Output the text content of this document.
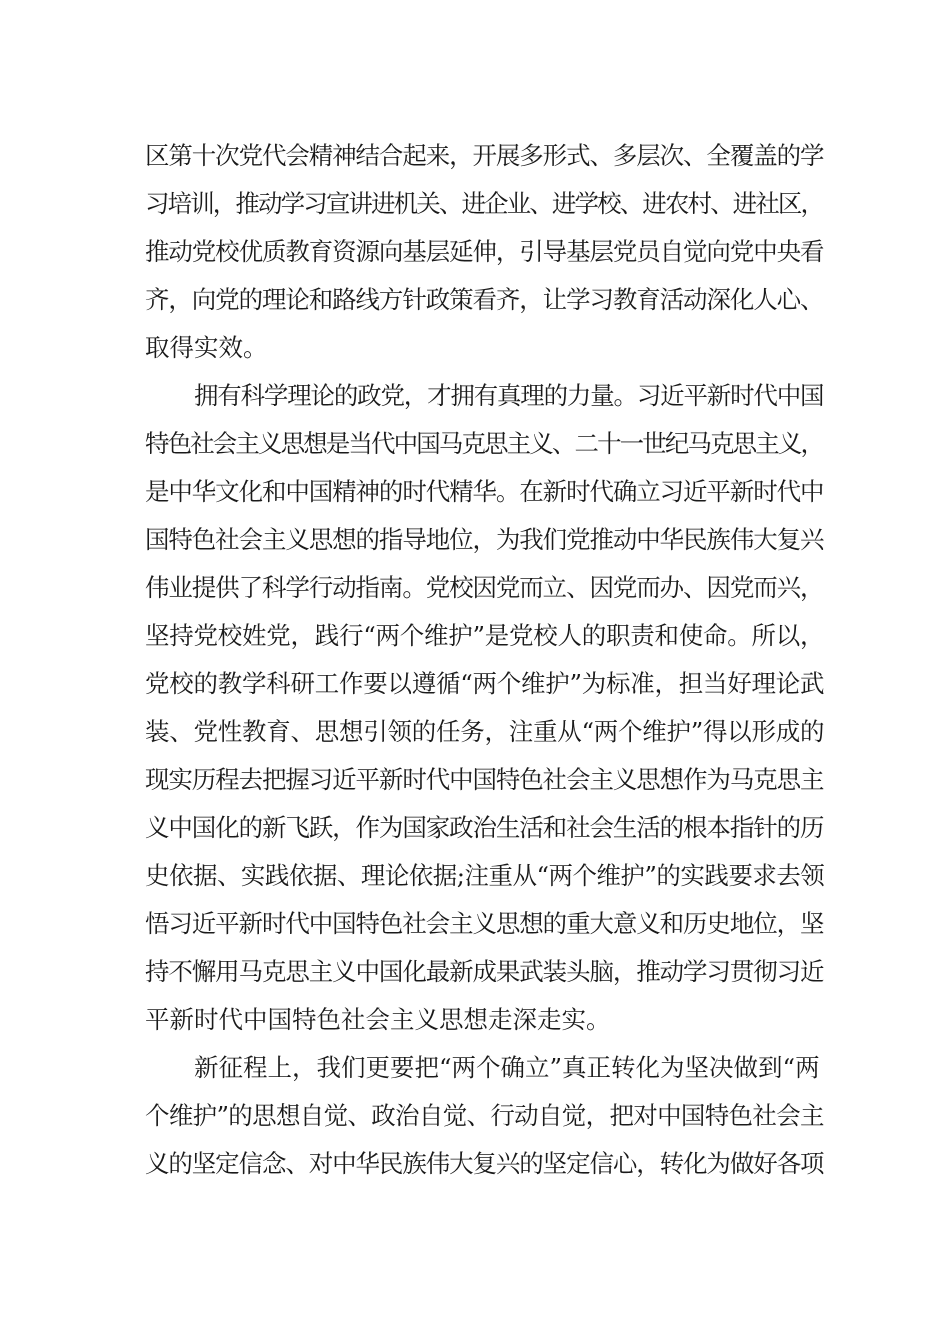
区第十次党代会精神结合起来，开展多形式、多层次、全覆盖的学
习培训，推动学习宣讲进机关、进企业、进学校、进农村、进社区，
推动党校优质教育资源向基层延伸，引导基层党员自觉向党中央看
齐，向党的理论和路线方针政策看齐，让学习教育活动深化人心、
取得实效。
拥有科学理论的政党，才拥有真理的力量。习近平新时代中国
特色社会主义思想是当代中国马克思主义、二十一世纪马克思主义，
是中华文化和中国精神的时代精华。在新时代确立习近平新时代中
国特色社会主义思想的指导地位，为我们党推动中华民族伟大复兴
伟业提供了科学行动指南。党校因党而立、因党而办、因党而兴，
坚持党校姓党，践行“两个维护”是党校人的职责和使命。所以，
党校的教学科研工作要以遵循“两个维护”为标准，担当好理论武
装、党性教育、思想引领的任务，注重从“两个维护”得以形成的
现实历程去把握习近平新时代中国特色社会主义思想作为马克思主
义中国化的新飞跃，作为国家政治生活和社会生活的根本指针的历
史依据、实践依据、理论依据;注重从“两个维护”的实践要求去领
悟习近平新时代中国特色社会主义思想的重大意义和历史地位，坚
持不懈用马克思主义中国化最新成果武装头脑，推动学习贯彻习近
平新时代中国特色社会主义思想走深走实。
新征程上，我们更要把“两个确立”真正转化为坚决做到“两
个维护”的思想自觉、政治自觉、行动自觉，把对中国特色社会主
义的坚定信念、对中华民族伟大复兴的坚定信心，转化为做好各项
